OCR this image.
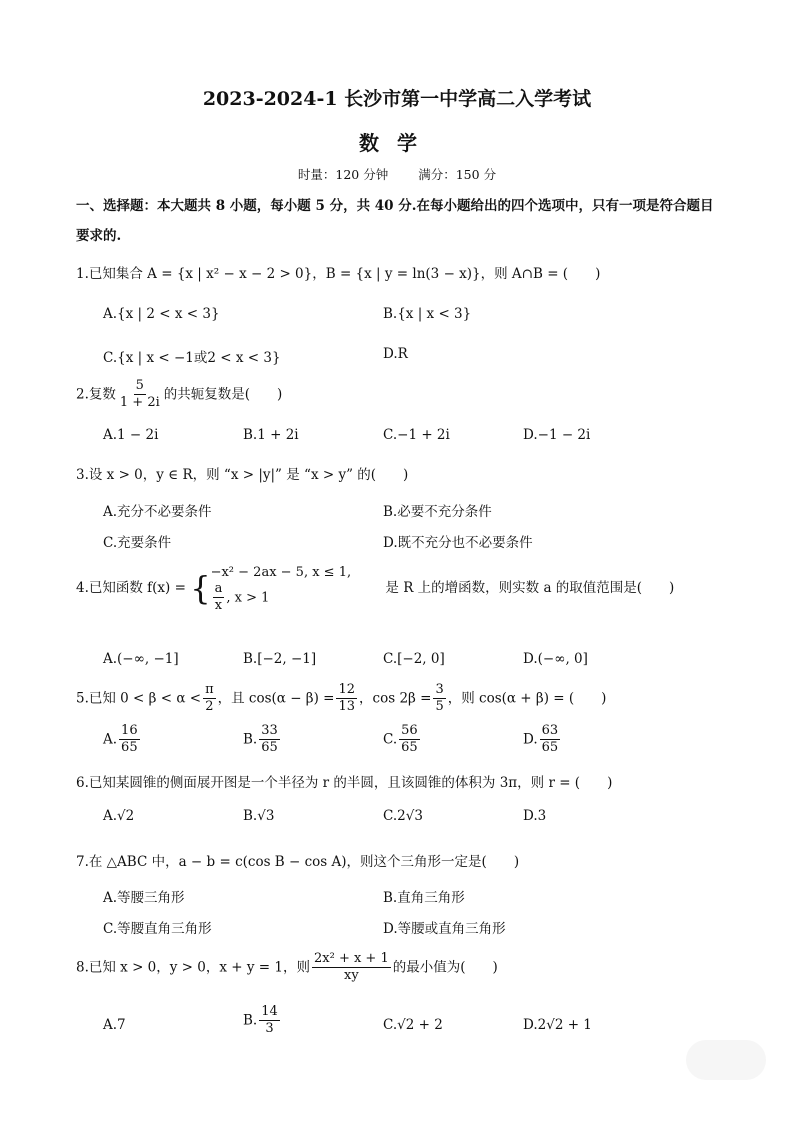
2023-2024-1 长沙市第一中学高二入学考试
数学
时量：120 分钟 满分：150 分
一、选择题：本大题共 8 小题，每小题 5 分，共 40 分.在每小题给出的四个选项中，只有一项是符合题目要求的.
1.已知集合 A = {x | x² − x − 2 > 0}，B = {x | y = ln(3 − x)}，则 A∩B = (　　)
A.{x | 2 < x < 3}	B.{x | x < 3}
C.{x | x < −1或2 < x < 3}	D.R
2.复数 $\frac{5}{1 + 2i}$ 的共轭复数是(　　)
A.1 − 2i	B.1 + 2i	C.−1 + 2i	D.−1 − 2i
3.设 x > 0，y ∈ R，则 “x > |y|” 是 “x > y” 的(　　)
A.充分不必要条件	B.必要不充分条件
C.充要条件	D.既不充分也不必要条件
4.已知函数 f(x) = { −x² − 2ax − 5, x ≤ 1,
$\frac{a}{x}$ , x > 1
是 R 上的增函数，则实数 a 的取值范围是(　　)
A.(−∞, −1]	B.[−2, −1]	C.[−2, 0]	D.(−∞, 0]
5.已知 $0 < \beta < \alpha < \frac{\pi}{2}$ ，且 $\cos(\alpha - \beta) = \frac{12}{13}$ ，$\cos 2\beta = \frac{3}{5}$ ，则 cos(α + β) = (　　)
A. $\frac{16}{65}$	B. $\frac{33}{65}$	C. $\frac{56}{65}$	D. $\frac{63}{65}$
6.已知某圆锥的侧面展开图是一个半径为 r 的半圆，且该圆锥的体积为 3π，则 r = (　　)
A.√2	B.√3	C.2√3	D.3
7.在 △ABC 中，a − b = c(cos B − cos A)，则这个三角形一定是(　　)
A.等腰三角形	B.直角三角形
C.等腰直角三角形	D.等腰或直角三角形
8.已知 x > 0，y > 0，x + y = 1，则 $\frac{\text{2x² + x + 1}}{xy}$ 的最小值为(　　)
A.7	B. $\frac{14}{3}$	C.√2 + 2	D.2√2 + 1
